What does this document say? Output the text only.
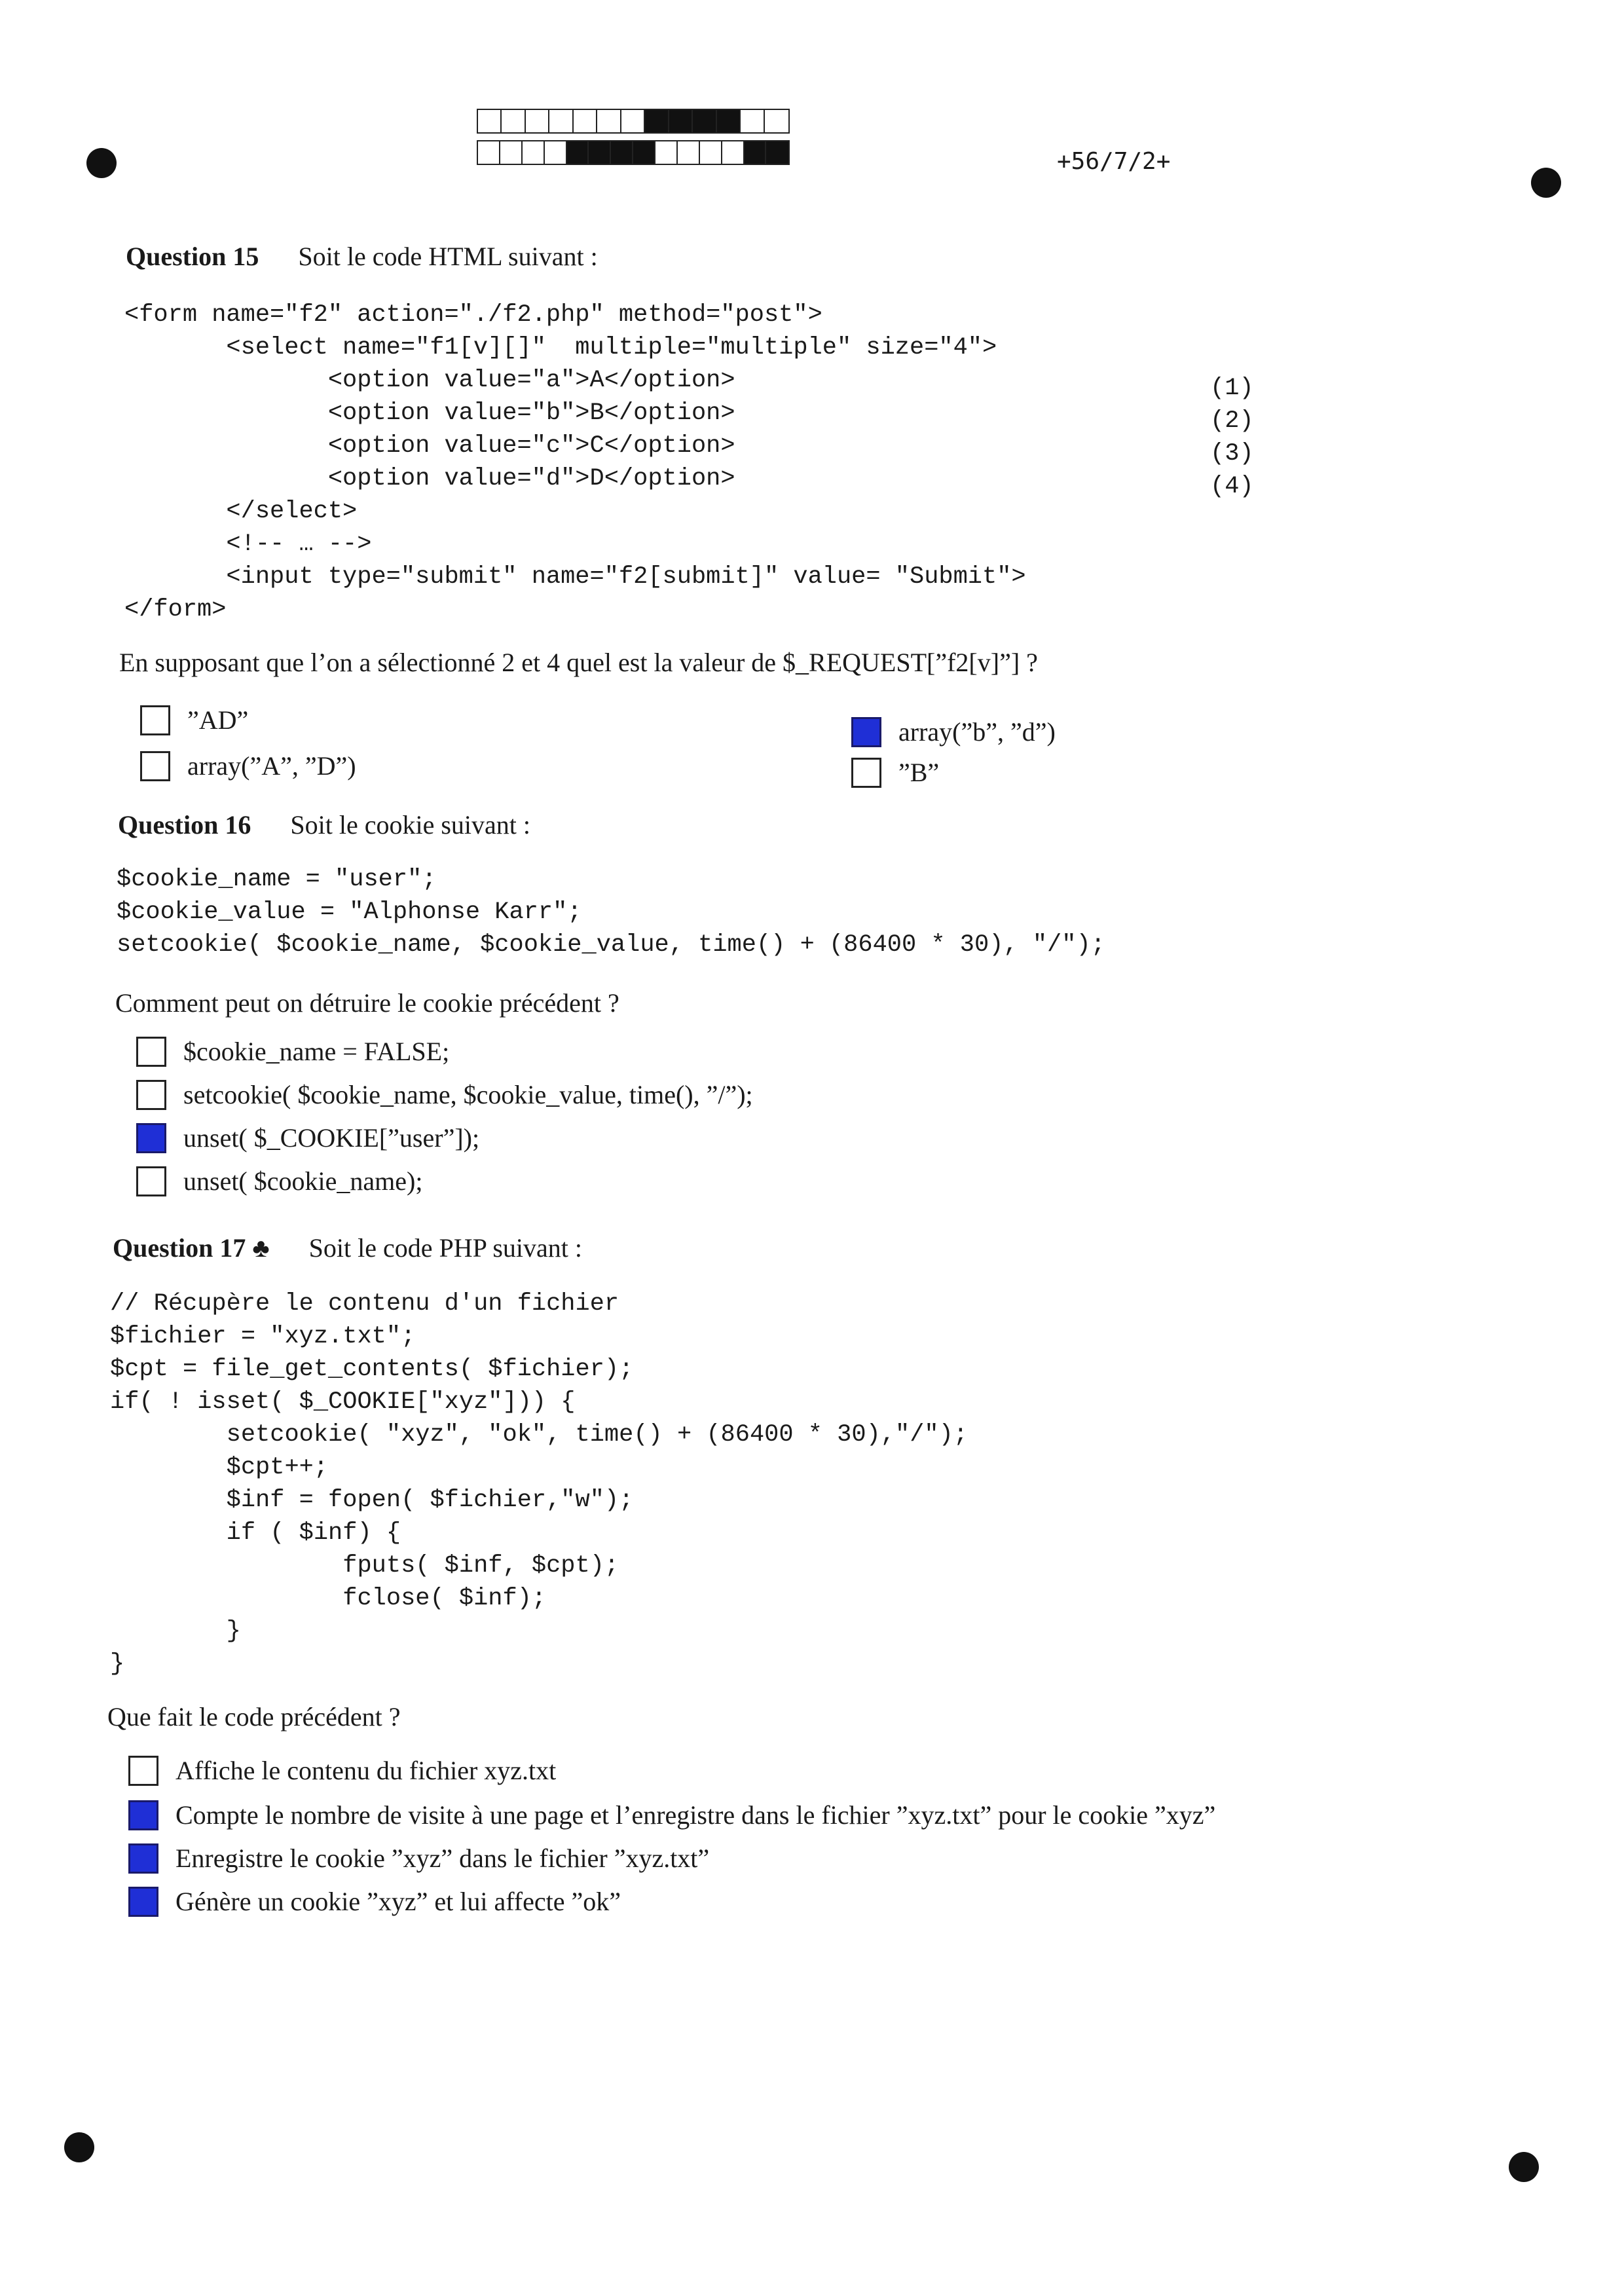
+56/7/2+
Question 15 Soit le code HTML suivant :
<form name="f2" action="./f2.php" method="post">
<select name="f1[v][]"  multiple="multiple" size="4">
<option value="a">A</option>
<option value="b">B</option>
<option value="c">C</option>
<option value="d">D</option>
</select>
<!-- … -->
<input type="submit" name="f2[submit]" value= "Submit">
</form>
(1)
(2)
(3)
(4)
En supposant que l’on a sélectionné 2 et 4 quel est la valeur de $_REQUEST[”f2[v]”] ?
”AD”
array(”A”, ”D”)
array(”b”, ”d”)
”B”
Question 16 Soit le cookie suivant :
$cookie_name = "user";
$cookie_value = "Alphonse Karr";
setcookie( $cookie_name, $cookie_value, time() + (86400 * 30), "/");
Comment peut on détruire le cookie précédent ?
$cookie_name = FALSE;
setcookie( $cookie_name, $cookie_value, time(), ”/”);
unset( $_COOKIE[”user”]);
unset( $cookie_name);
Question 17 ♣ Soit le code PHP suivant :
// Récupère le contenu d'un fichier
$fichier = "xyz.txt";
$cpt = file_get_contents( $fichier);
if( ! isset( $_COOKIE["xyz"])) {
setcookie( "xyz", "ok", time() + (86400 * 30),"/");
$cpt++;
$inf = fopen( $fichier,"w");
if ( $inf) {
fputs( $inf, $cpt);
fclose( $inf);
}
}
Que fait le code précédent ?
Affiche le contenu du fichier xyz.txt
Compte le nombre de visite à une page et l’enregistre dans le fichier ”xyz.txt” pour le cookie ”xyz”
Enregistre le cookie ”xyz” dans le fichier ”xyz.txt”
Génère un cookie ”xyz” et lui affecte ”ok”
